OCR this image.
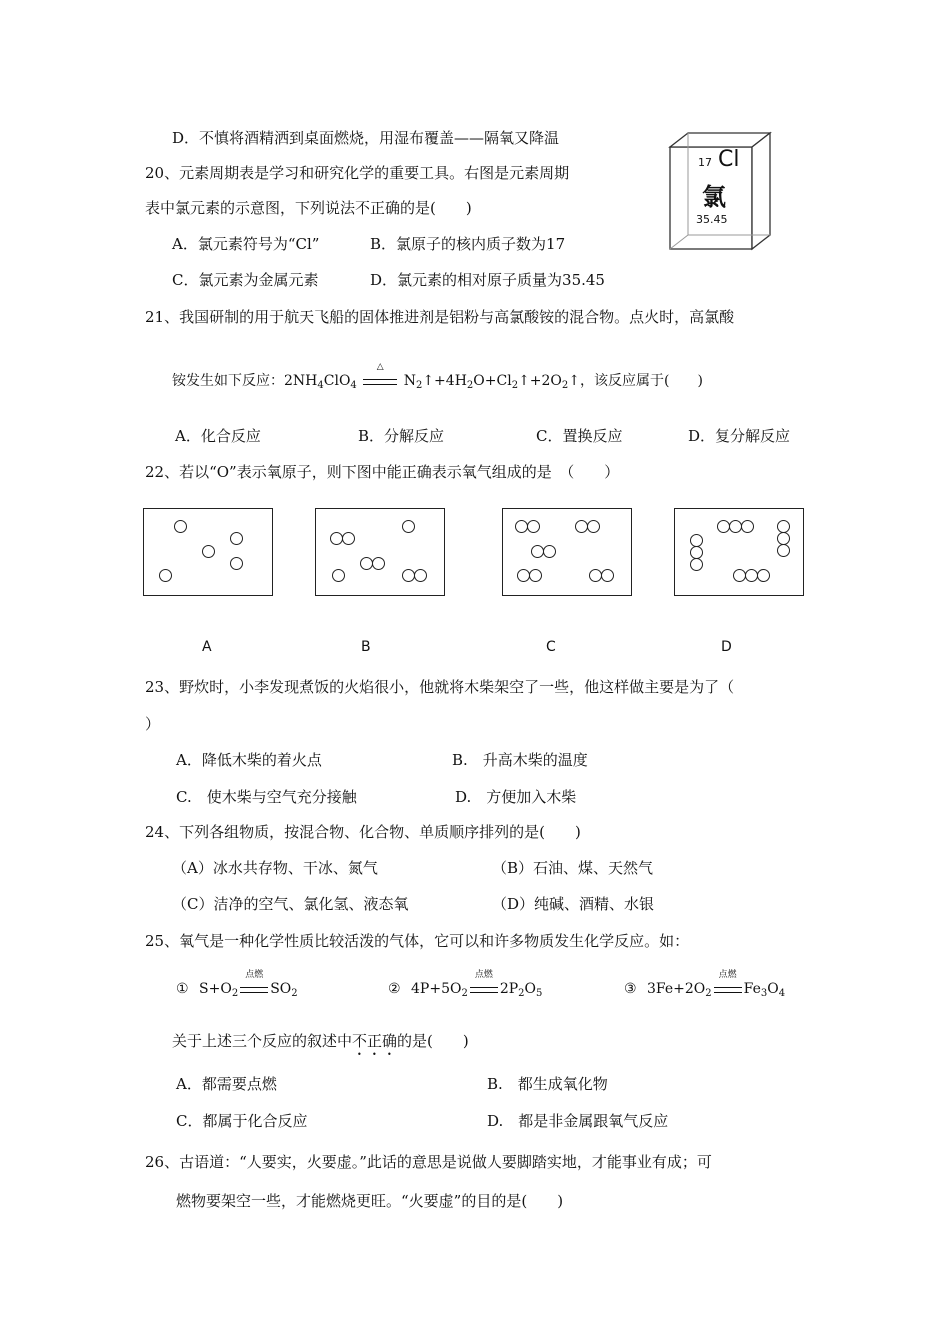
D．不慎将酒精洒到桌面燃烧，用湿布覆盖——隔氧又降温
20、元素周期表是学习和研究化学的重要工具。右图是元素周期
表中氯元素的示意图，下列说法不正确的是(　　)
A．氯元素符号为“Cl”	B．氯原子的核内质子数为17
C．氯元素为金属元素	D．氯元素的相对原子质量为35.45
17 Cl
氯
35.45
21、我国研制的用于航天飞船的固体推进剂是铝粉与高氯酸铵的混合物。点火时，高氯酸
铵发生如下反应：$2NH_4ClO_4$
△
$N_2↑+4H_2O+Cl_2↑+2O_2↑$，该反应属于(　　)
A．化合反应	B．分解反应	C．置换反应	D．复分解反应
22、若以“O”表示氧原子，则下图中能正确表示氧气组成的是　（　　）
A	B	C	D
23、野炊时，小李发现煮饭的火焰很小，他就将木柴架空了一些，他这样做主要是为了（
）
A．降低木柴的着火点	B.　升高木柴的温度
C.　使木柴与空气充分接触	D.　方便加入木柴
24、下列各组物质，按混合物、化合物、单质顺序排列的是(　　)
（A）冰水共存物、干冰、氮气	（B）石油、煤、天然气
（C）洁净的空气、氯化氢、液态氧	（D）纯碱、酒精、水银
25、氧气是一种化学性质比较活泼的气体，它可以和许多物质发生化学反应。如：
① $S+O_2$
点燃
$SO_2$	② $4P+5O_2$
点燃
$2P_2O_5$	③ $3Fe+2O_2$
点燃
$Fe_3O_4$
关于上述三个反应的叙述中不正确的是(　　)
A．都需要点燃	B.　都生成氧化物
C．都属于化合反应	D.　都是非金属跟氧气反应
26、古语道：“人要实，火要虚。”此话的意思是说做人要脚踏实地，才能事业有成；可
燃物要架空一些，才能燃烧更旺。“火要虚”的目的是(　　)
